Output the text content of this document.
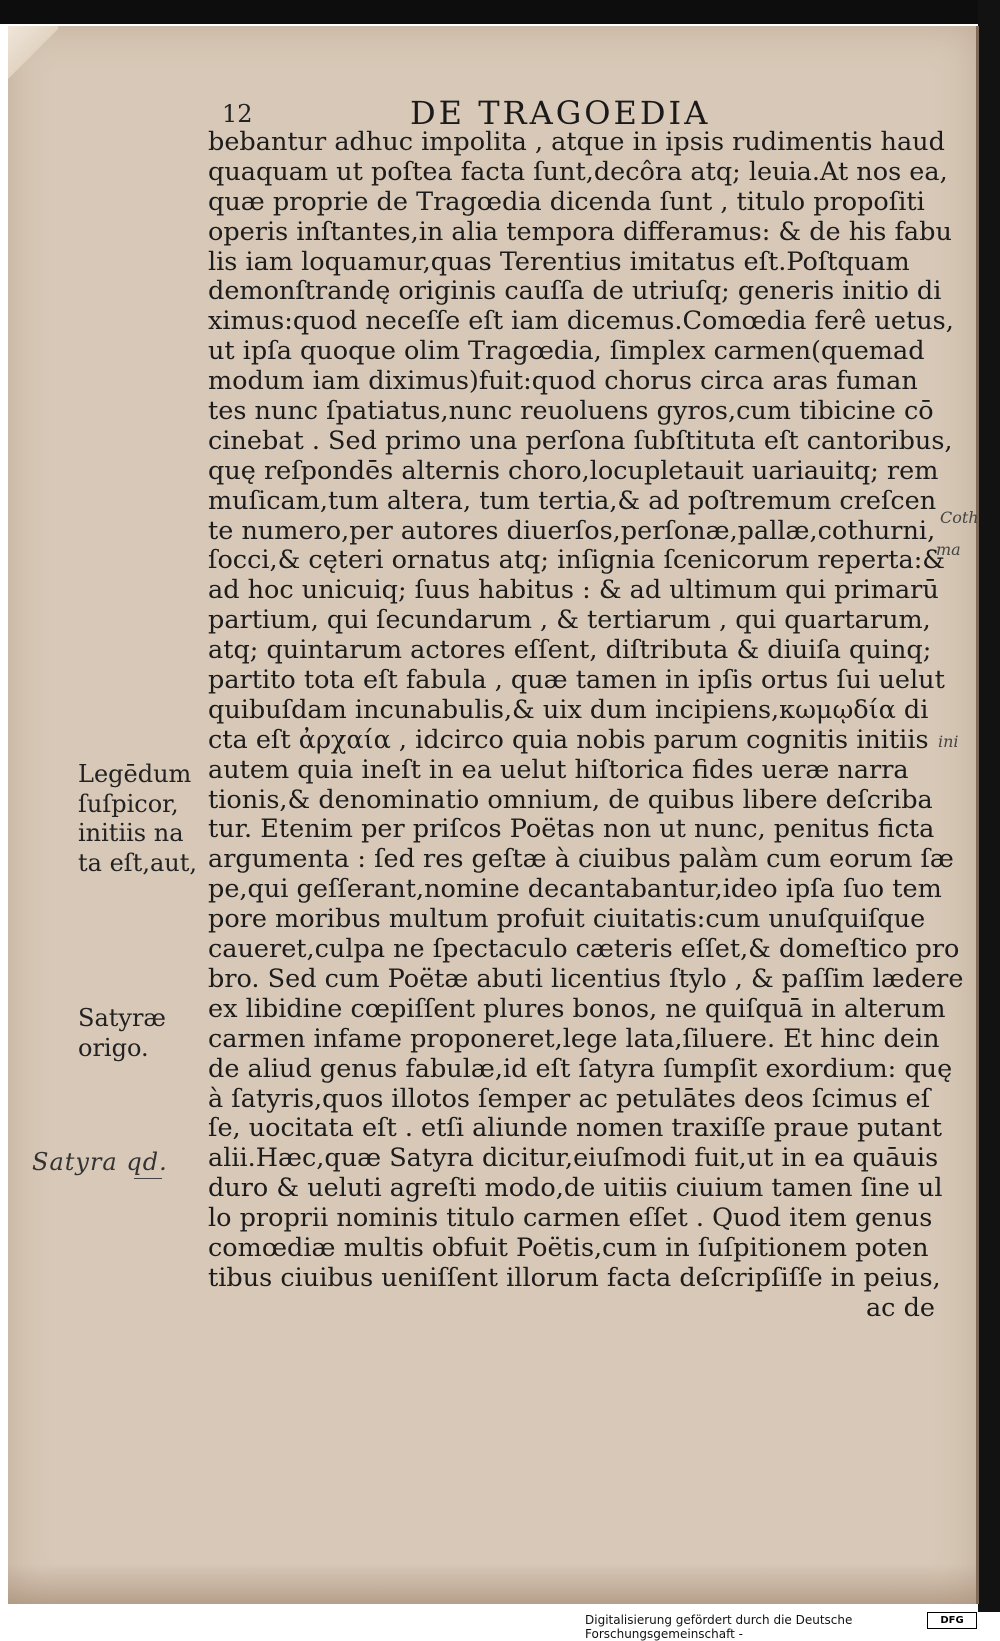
12	DE TRAGOEDIA
bebantur adhuc impolita , atque in ipsis rudimentis haud
quaquam ut poſtea facta ſunt,decôra atq; leuia.At nos ea,
quæ proprie de Tragœdia dicenda ſunt , titulo propoſiti
operis inſtantes,in alia tempora differamus: & de his fabu
lis iam loquamur,quas Terentius imitatus eſt.Poſtquam
demonſtrandę originis cauſſa de utriuſq; generis initio di
ximus:quod neceſſe eſt iam dicemus.Comœdia ferê uetus,
ut ipſa quoque olim Tragœdia, ſimplex carmen(quemad
modum iam diximus)fuit:quod chorus circa aras fuman
tes nunc ſpatiatus,nunc reuoluens gyros,cum tibicine cō
cinebat . Sed primo una perſona ſubſtituta eſt cantoribus,
quę reſpondēs alternis choro,locupletauit uariauitq; rem
muſicam,tum altera, tum tertia,& ad poſtremum creſcen
te numero,per autores diuerſos,perſonæ,pallæ,cothurni,
ſocci,& cęteri ornatus atq; inſignia ſcenicorum reperta:&
ad hoc unicuiq; ſuus habitus : & ad ultimum qui primarū
partium, qui ſecundarum , & tertiarum , qui quartarum,
atq; quintarum actores eſſent, diſtributa & diuiſa quinq;
partito tota eſt fabula , quæ tamen in ipſis ortus ſui uelut
quibuſdam incunabulis,& uix dum incipiens,κωμῳδία di
cta eſt ἀρχαία , idcirco quia nobis parum cognitis initiis
autem quia ineſt in ea uelut hiſtorica fides ueræ narra
tionis,& denominatio omnium, de quibus libere deſcriba
tur. Etenim per priſcos Poëtas non ut nunc, penitus ficta
argumenta : ſed res geſtæ à ciuibus palàm cum eorum ſæ
pe,qui geſſerant,nomine decantabantur,ideo ipſa ſuo tem
pore moribus multum profuit ciuitatis:cum unuſquiſque
caueret,culpa ne ſpectaculo cæteris eſſet,& domeſtico pro
bro. Sed cum Poëtæ abuti licentius ſtylo , & paſſim lædere
ex libidine cœpiſſent plures bonos, ne quiſquā in alterum
carmen infame proponeret,lege lata,ſiluere. Et hinc dein
de aliud genus fabulæ,id eſt ſatyra ſumpſit exordium: quę
à ſatyris,quos illotos ſemper ac petulātes deos ſcimus eſ
ſe, uocitata eſt . etſi aliunde nomen traxiſſe praue putant
alii.Hæc,quæ Satyra dicitur,eiuſmodi fuit,ut in ea quāuis
duro & ueluti agreſti modo,de uitiis ciuium tamen ſine ul
lo proprii nominis titulo carmen eſſet . Quod item genus
comœdiæ multis obfuit Poëtis,cum in ſuſpitionem poten
tibus ciuibus ueniſſent illorum facta deſcripſiſſe in peius,
ac de
Legēdum
ſuſpicor,
initiis na
ta eſt,aut,
Satyræ
origo.
Satyra qd.
Coth
ma
ini
Digitalisierung gefördert durch die Deutsche Forschungsgemeinschaft -
DFG
